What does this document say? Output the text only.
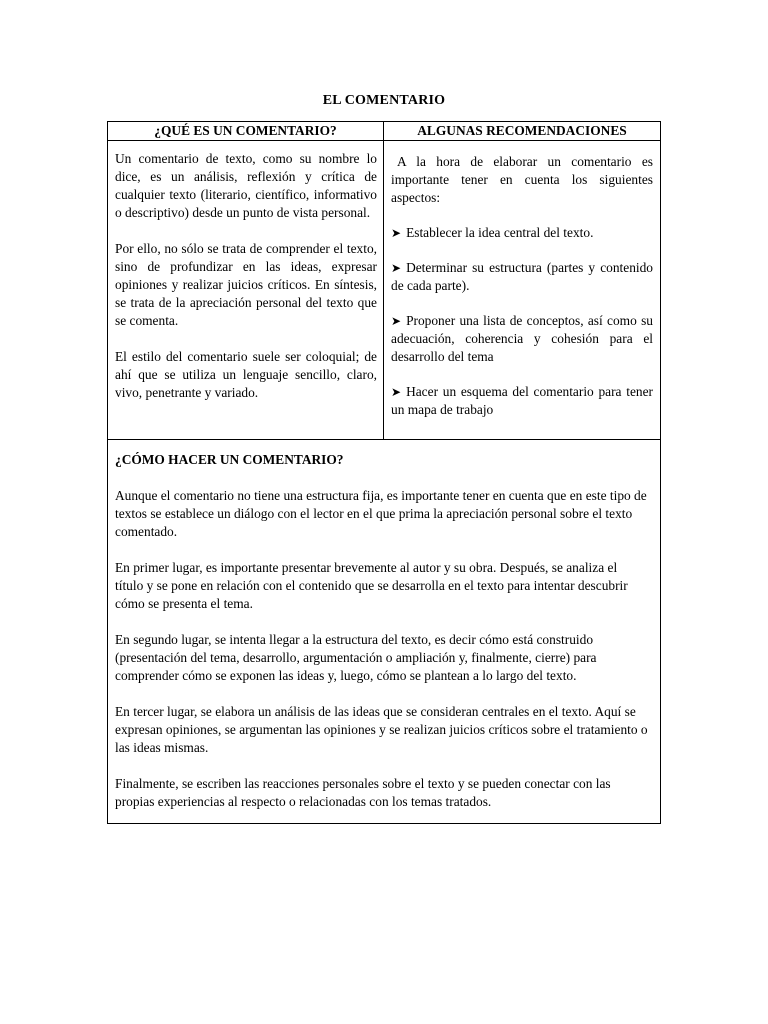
EL COMENTARIO
¿QUÉ ES UN COMENTARIO?

Un comentario de texto, como su nombre lo dice, es un análisis, reflexión y crítica de cualquier texto (literario, científico, informativo o descriptivo) desde un punto de vista personal.

Por ello, no sólo se trata de comprender el texto, sino de profundizar en las ideas, expresar opiniones y realizar juicios críticos. En síntesis, se trata de la apreciación personal del texto que se comenta.

El estilo del comentario suele ser coloquial; de ahí que se utiliza un lenguaje sencillo, claro, vivo, penetrante y variado.

ALGUNAS RECOMENDACIONES

A la hora de elaborar un comentario es importante tener en cuenta los siguientes aspectos:

➤ Establecer la idea central del texto.
➤ Determinar su estructura (partes y contenido de cada parte).
➤ Proponer una lista de conceptos, así como su adecuación, coherencia y cohesión para el desarrollo del tema
➤ Hacer un esquema del comentario para tener un mapa de trabajo

¿CÓMO HACER UN COMENTARIO?

Aunque el comentario no tiene una estructura fija, es importante tener en cuenta que en este tipo de textos se establece un diálogo con el lector en el que prima la apreciación personal sobre el texto comentado.

En primer lugar, es importante presentar brevemente al autor y su obra. Después, se analiza el título y se pone en relación con el contenido que se desarrolla en el texto para intentar descubrir cómo se presenta el tema.

En segundo lugar, se intenta llegar a la estructura del texto, es decir cómo está construido (presentación del tema, desarrollo, argumentación o ampliación y, finalmente, cierre) para comprender cómo se exponen las ideas y, luego, cómo se plantean a lo largo del texto.

En tercer lugar, se elabora un análisis de las ideas que se consideran centrales en el texto. Aquí se expresan opiniones, se argumentan las opiniones y se realizan juicios críticos sobre el tratamiento o las ideas mismas.

Finalmente, se escriben las reacciones personales sobre el texto y se pueden conectar con las propias experiencias al respecto o relacionadas con los temas tratados.
